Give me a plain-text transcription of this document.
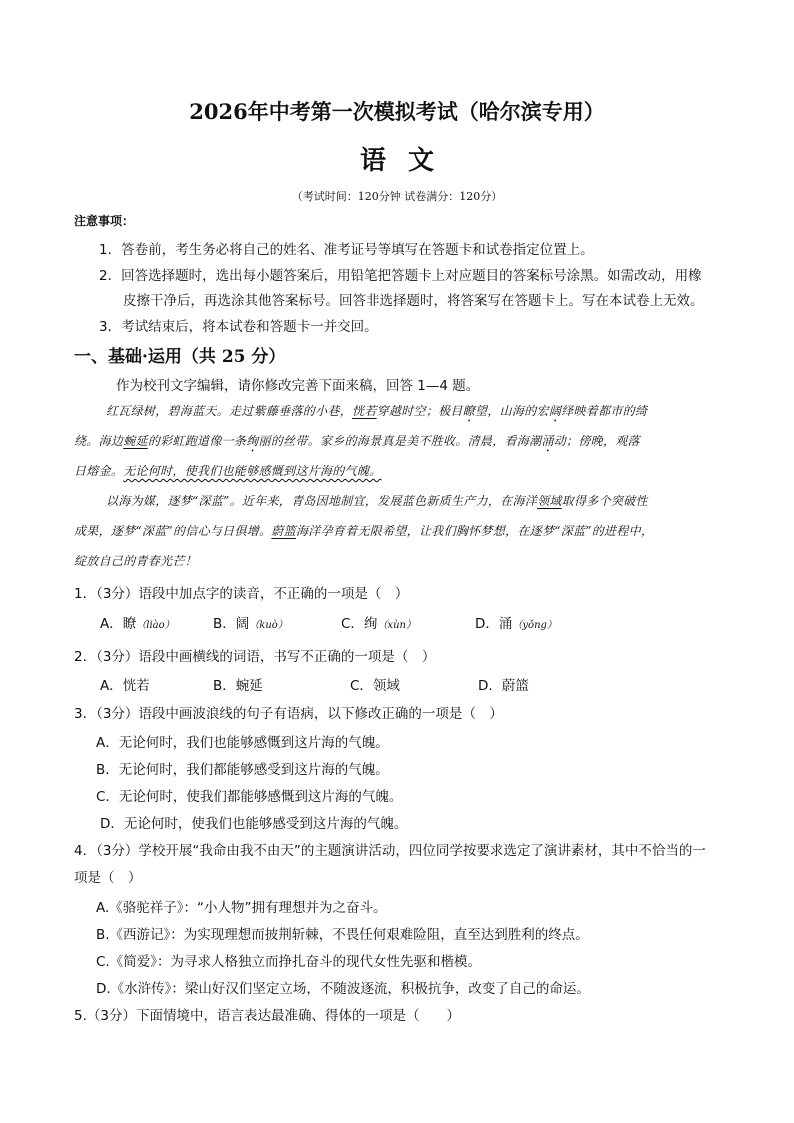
2026年中考第一次模拟考试（哈尔滨专用）
语文
（考试时间：120分钟 试卷满分：120分）
注意事项：
1．答卷前，考生务必将自己的姓名、准考证号等填写在答题卡和试卷指定位置上。
2．回答选择题时，选出每小题答案后，用铅笔把答题卡上对应题目的答案标号涂黑。如需改动，用橡
皮擦干净后，再选涂其他答案标号。回答非选择题时，将答案写在答题卡上。写在本试卷上无效。
3．考试结束后，将本试卷和答题卡一并交回。
一、基础·运用（共 25 分）
作为校刊文字编辑，请你修改完善下面来稿，回答 1—4 题。
红瓦绿树，碧海蓝天。走过紫藤垂落的小巷，恍若穿越时空；极目瞭望，山海的宏阔绎映着都市的绮
绕。海边蜿延的彩虹跑道像一条绚丽的丝带。家乡的海景真是美不胜收。清晨，看海潮涌动；傍晚，观落
日熔金。无论何时，使我们也能够感慨到这片海的气魄。
以海为媒，逐梦“深蓝”。近年来，青岛因地制宜，发展蓝色新质生产力，在海洋领域取得多个突破性
成果，逐梦“深蓝”的信心与日俱增。蔚篮海洋孕育着无限希望，让我们胸怀梦想，在逐梦“深蓝”的进程中，
绽放自己的青春光芒！
1．（3分）语段中加点字的读音，不正确的一项是（　）
A．瞭（liào）	B．阔（kuò）	C．绚（xùn）	D．涌（yǒng）
2．（3分）语段中画横线的词语，书写不正确的一项是（　）
A．恍若	B．蜿延	C．领域	D．蔚篮
3．（3分）语段中画波浪线的句子有语病，以下修改正确的一项是（　）
A．无论何时，我们也能够感慨到这片海的气魄。
B．无论何时，我们都能够感受到这片海的气魄。
C．无论何时，使我们都能够感慨到这片海的气魄。
D．无论何时，使我们也能够感受到这片海的气魄。
4．（3分）学校开展“我命由我不由天”的主题演讲活动，四位同学按要求选定了演讲素材，其中不恰当的一
项是（　）
A.《骆驼祥子》：“小人物”拥有理想并为之奋斗。
B.《西游记》：为实现理想而披荆斩棘，不畏任何艰难险阻，直至达到胜利的终点。
C.《简爱》：为寻求人格独立而挣扎奋斗的现代女性先驱和楷模。
D.《水浒传》：梁山好汉们坚定立场，不随波逐流，积极抗争，改变了自己的命运。
5.（3分）下面情境中，语言表达最准确、得体的一项是（　　）
